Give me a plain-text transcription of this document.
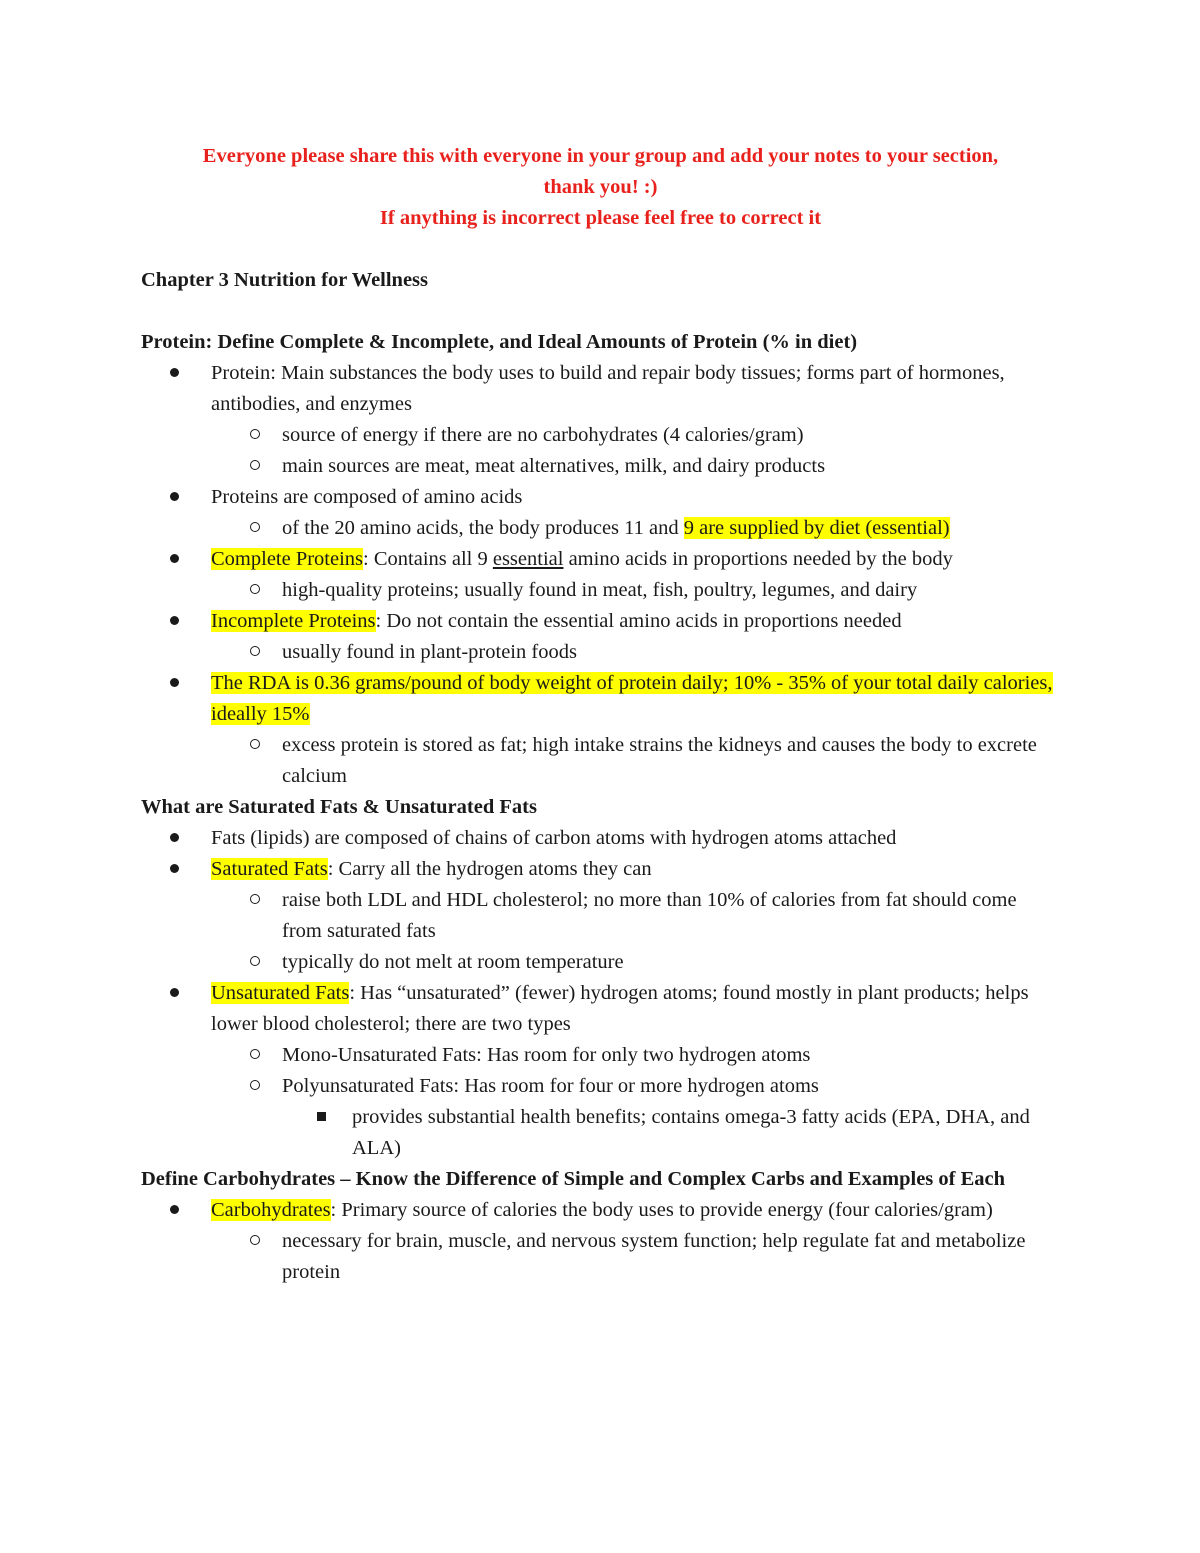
Everyone please share this with everyone in your group and add your notes to your section,

thank you! :)

If anything is incorrect please feel free to correct it

Chapter 3 Nutrition for Wellness
Protein: Define Complete & Incomplete, and Ideal Amounts of Protein (% in diet)
Protein: Main substances the body uses to build and repair body tissues; forms part of hormones, antibodies, and enzymes
source of energy if there are no carbohydrates (4 calories/gram)
main sources are meat, meat alternatives, milk, and dairy products
Proteins are composed of amino acids
of the 20 amino acids, the body produces 11 and 9 are supplied by diet (essential)
Complete Proteins: Contains all 9 essential amino acids in proportions needed by the body
high-quality proteins; usually found in meat, fish, poultry, legumes, and dairy
Incomplete Proteins: Do not contain the essential amino acids in proportions needed
usually found in plant-protein foods
The RDA is 0.36 grams/pound of body weight of protein daily; 10% - 35% of your total daily calories, ideally 15%
excess protein is stored as fat; high intake strains the kidneys and causes the body to excrete calcium
What are Saturated Fats & Unsaturated Fats
Fats (lipids) are composed of chains of carbon atoms with hydrogen atoms attached
Saturated Fats: Carry all the hydrogen atoms they can
raise both LDL and HDL cholesterol; no more than 10% of calories from fat should come from saturated fats
typically do not melt at room temperature
Unsaturated Fats: Has “unsaturated” (fewer) hydrogen atoms; found mostly in plant products; helps lower blood cholesterol; there are two types
Mono-Unsaturated Fats: Has room for only two hydrogen atoms
Polyunsaturated Fats: Has room for four or more hydrogen atoms
provides substantial health benefits; contains omega-3 fatty acids (EPA, DHA, and ALA)
Define Carbohydrates – Know the Difference of Simple and Complex Carbs and Examples of Each
Carbohydrates: Primary source of calories the body uses to provide energy (four calories/gram)
necessary for brain, muscle, and nervous system function; help regulate fat and metabolize protein
